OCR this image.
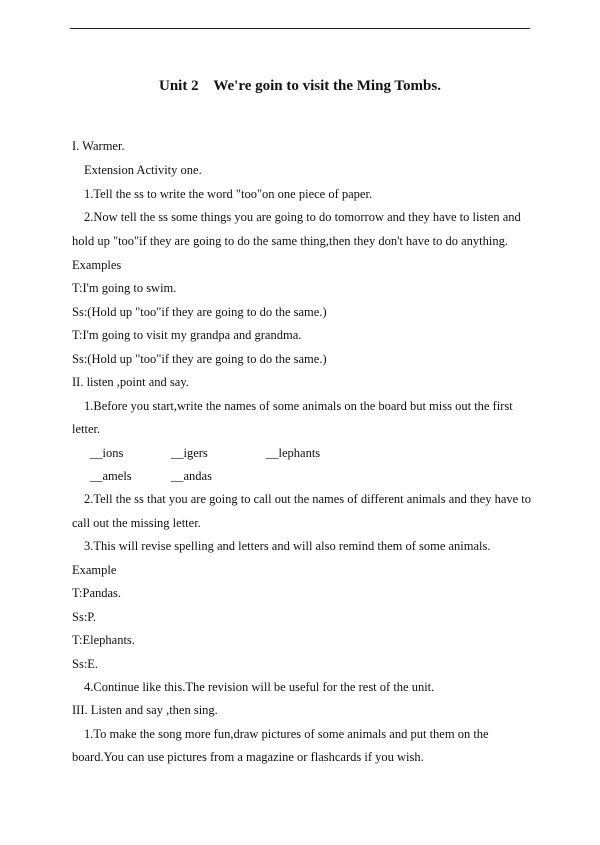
Unit 2    We're goin to visit the Ming Tombs.
I. Warmer.
Extension Activity one.
1.Tell the ss to write the word "too"on one piece of paper.
2.Now tell the ss some things you are going to do tomorrow and they have to listen and
hold up "too"if they are going to do the same thing,then they don't have to do anything.
Examples
T:I'm going to swim.
Ss:(Hold up "too"if they are going to do the same.)
T:I'm going to visit my grandpa and grandma.
Ss:(Hold up "too"if they are going to do the same.)
II. listen ,point and say.
1.Before you start,write the names of some animals on the board but miss out the first
letter.
__ions	__igers	__lephants
__amels	__andas
2.Tell the ss that you are going to call out the names of different animals and they have to
call out the missing letter.
3.This will revise spelling and letters and will also remind them of some animals.
Example
T:Pandas.
Ss:P.
T:Elephants.
Ss:E.
4.Continue like this.The revision will be useful for the rest of the unit.
III. Listen and say ,then sing.
1.To make the song more fun,draw pictures of some animals and put them on the
board.You can use pictures from a magazine or flashcards if you wish.
